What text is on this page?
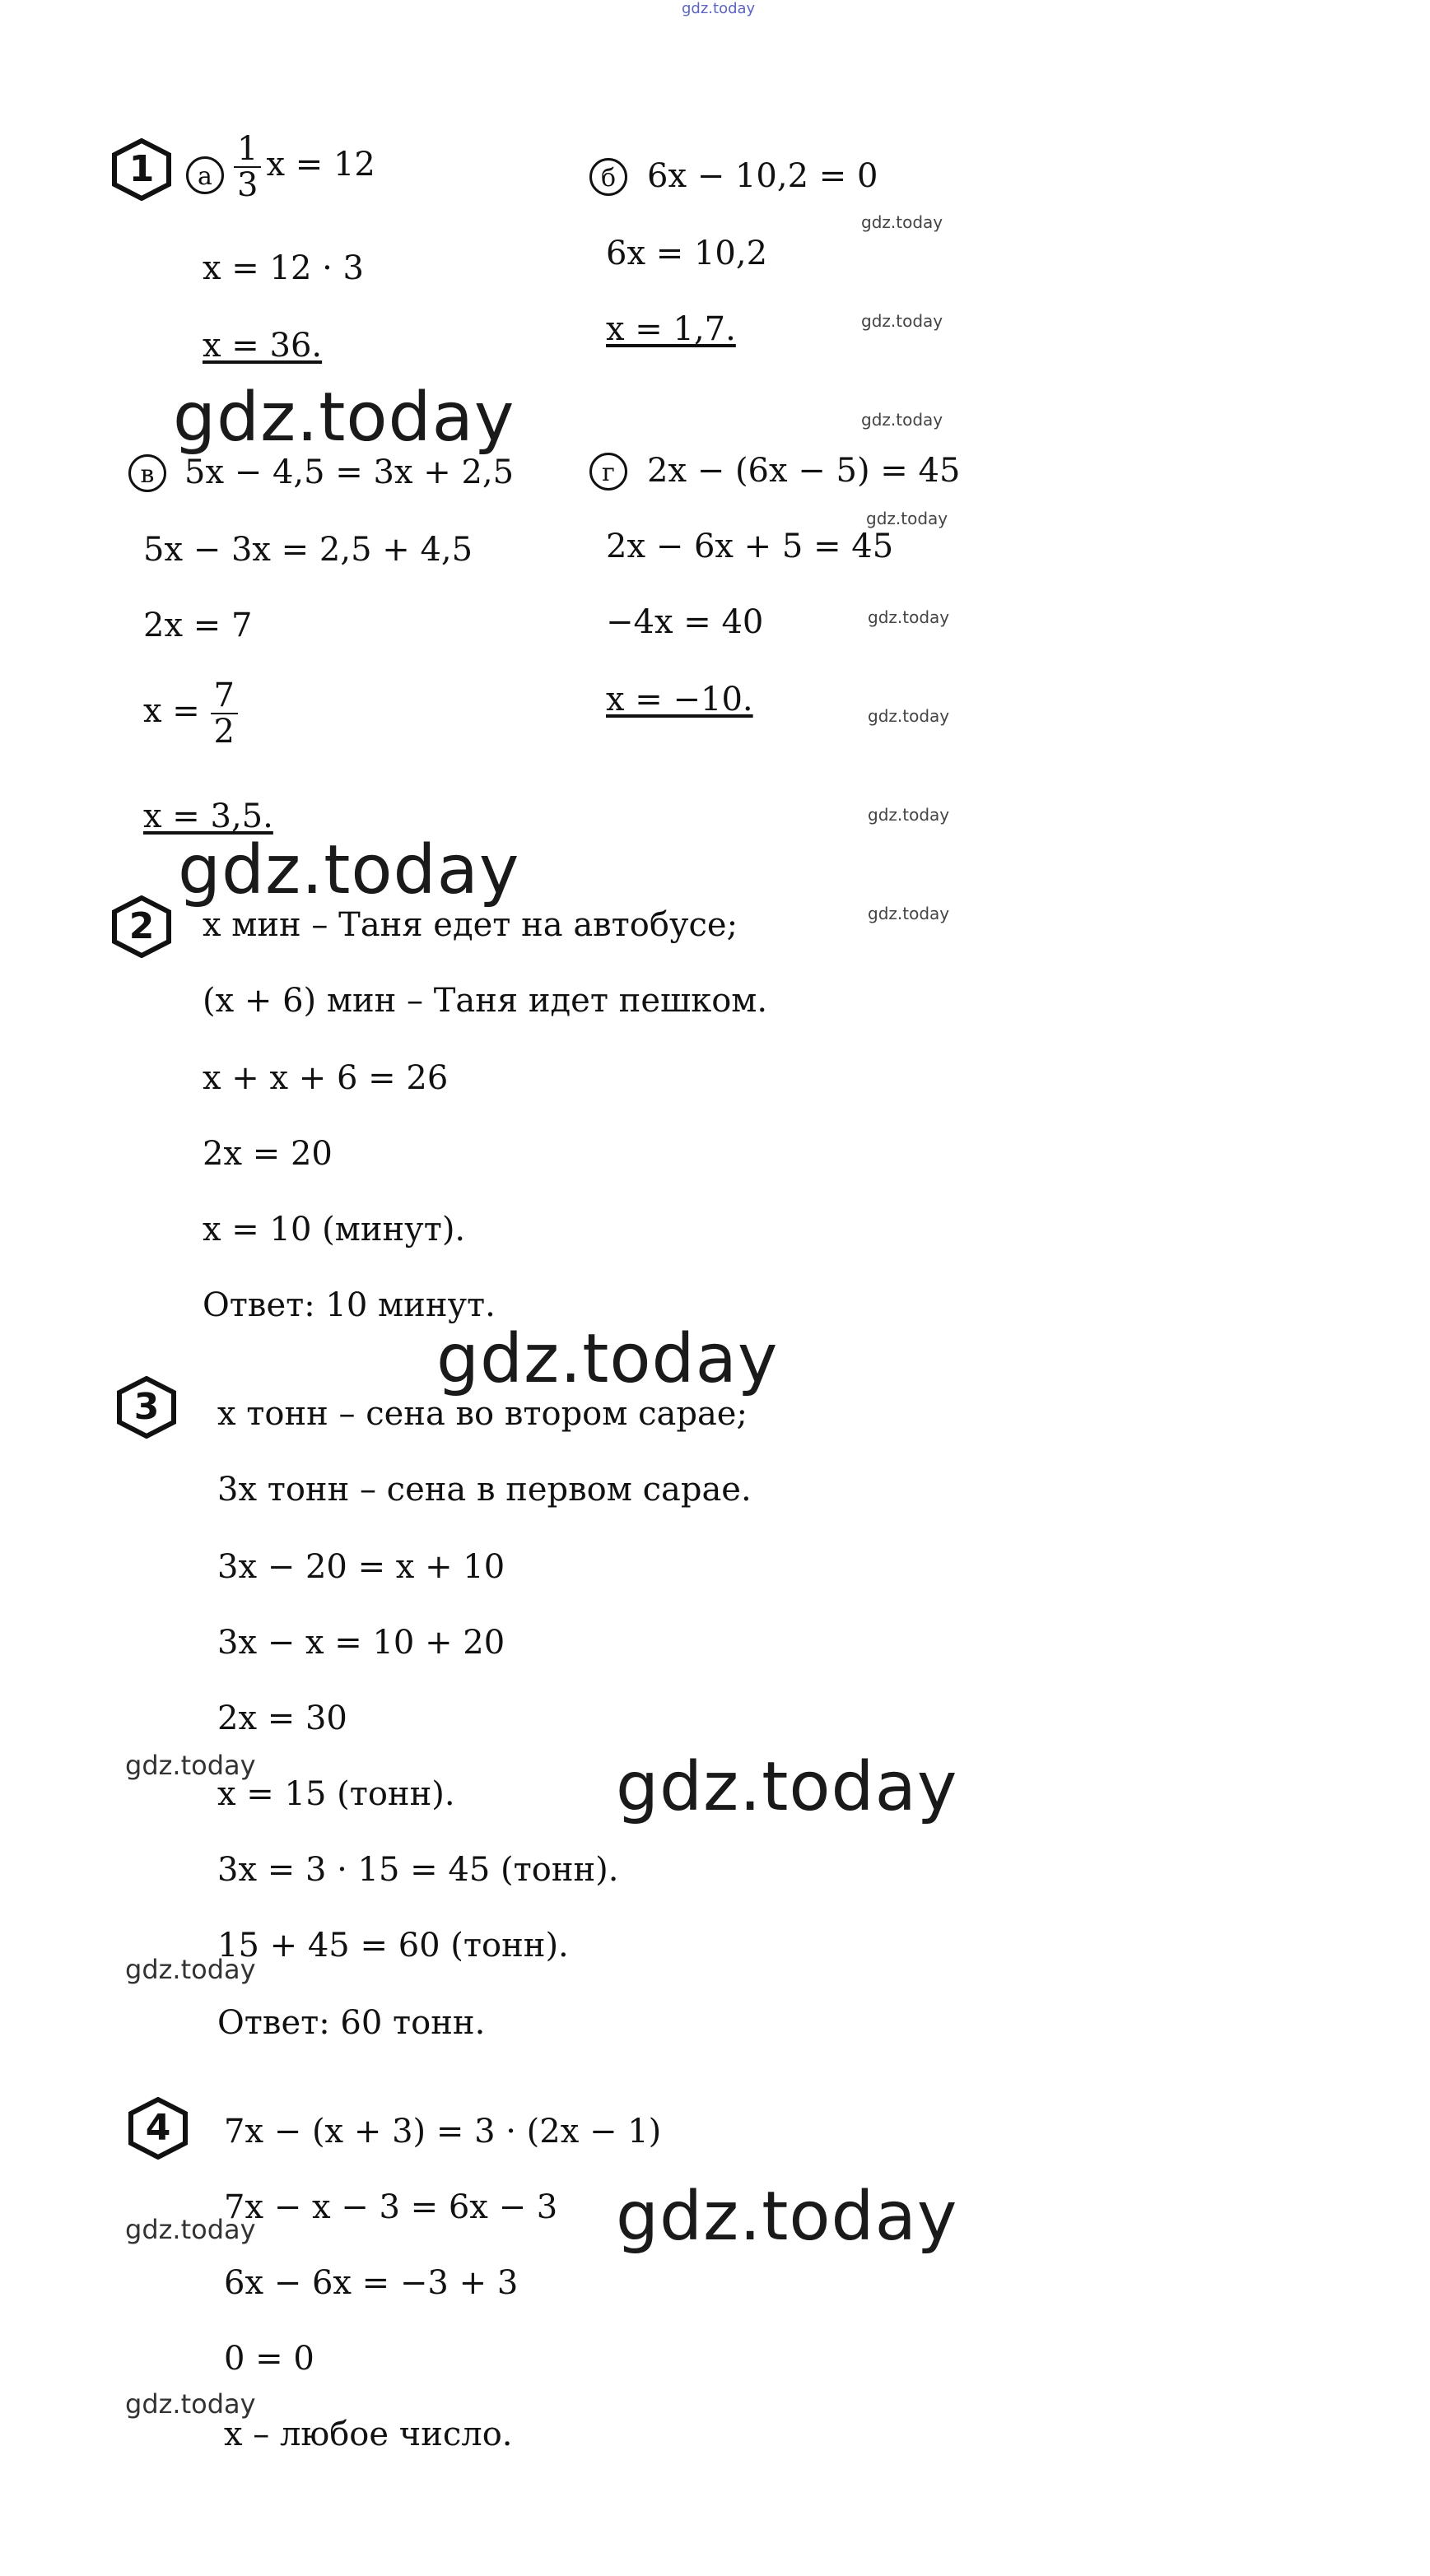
gdz.today
1	а $\frac{1}{3}$ x = 12
x = 12 · 3
x = 36.
б 6x − 10,2 = 0
6x = 10,2
x = 1,7.
в 5x − 4,5 = 3x + 2,5
5x − 3x = 2,5 + 4,5
2x = 7
$x = \frac{7}{2}$
x = 3,5.
г 2x − (6x − 5) = 45
2x − 6x + 5 = 45
−4x = 40
x = −10.
2	x мин – Таня едет на автобусе;
(x + 6) мин – Таня идет пешком.
x + x + 6 = 26
2x = 20
x = 10 (минут).
Ответ: 10 минут.
3	x тонн – сена во втором сарае;
3x тонн – сена в первом сарае.
3x − 20 = x + 10
3x − x = 10 + 20
2x = 30
x = 15 (тонн).
3x = 3 · 15 = 45 (тонн).
15 + 45 = 60 (тонн).
Ответ: 60 тонн.
4	7x − (x + 3) = 3 · (2x − 1)
7x − x − 3 = 6x − 3
6x − 6x = −3 + 3
0 = 0
x – любое число.
gdz.today
gdz.today
gdz.today
gdz.today
gdz.today
gdz.today
gdz.today
gdz.today
gdz.today
gdz.today
gdz.today
gdz.today
gdz.today
gdz.today
gdz.today
gdz.today
gdz.today
